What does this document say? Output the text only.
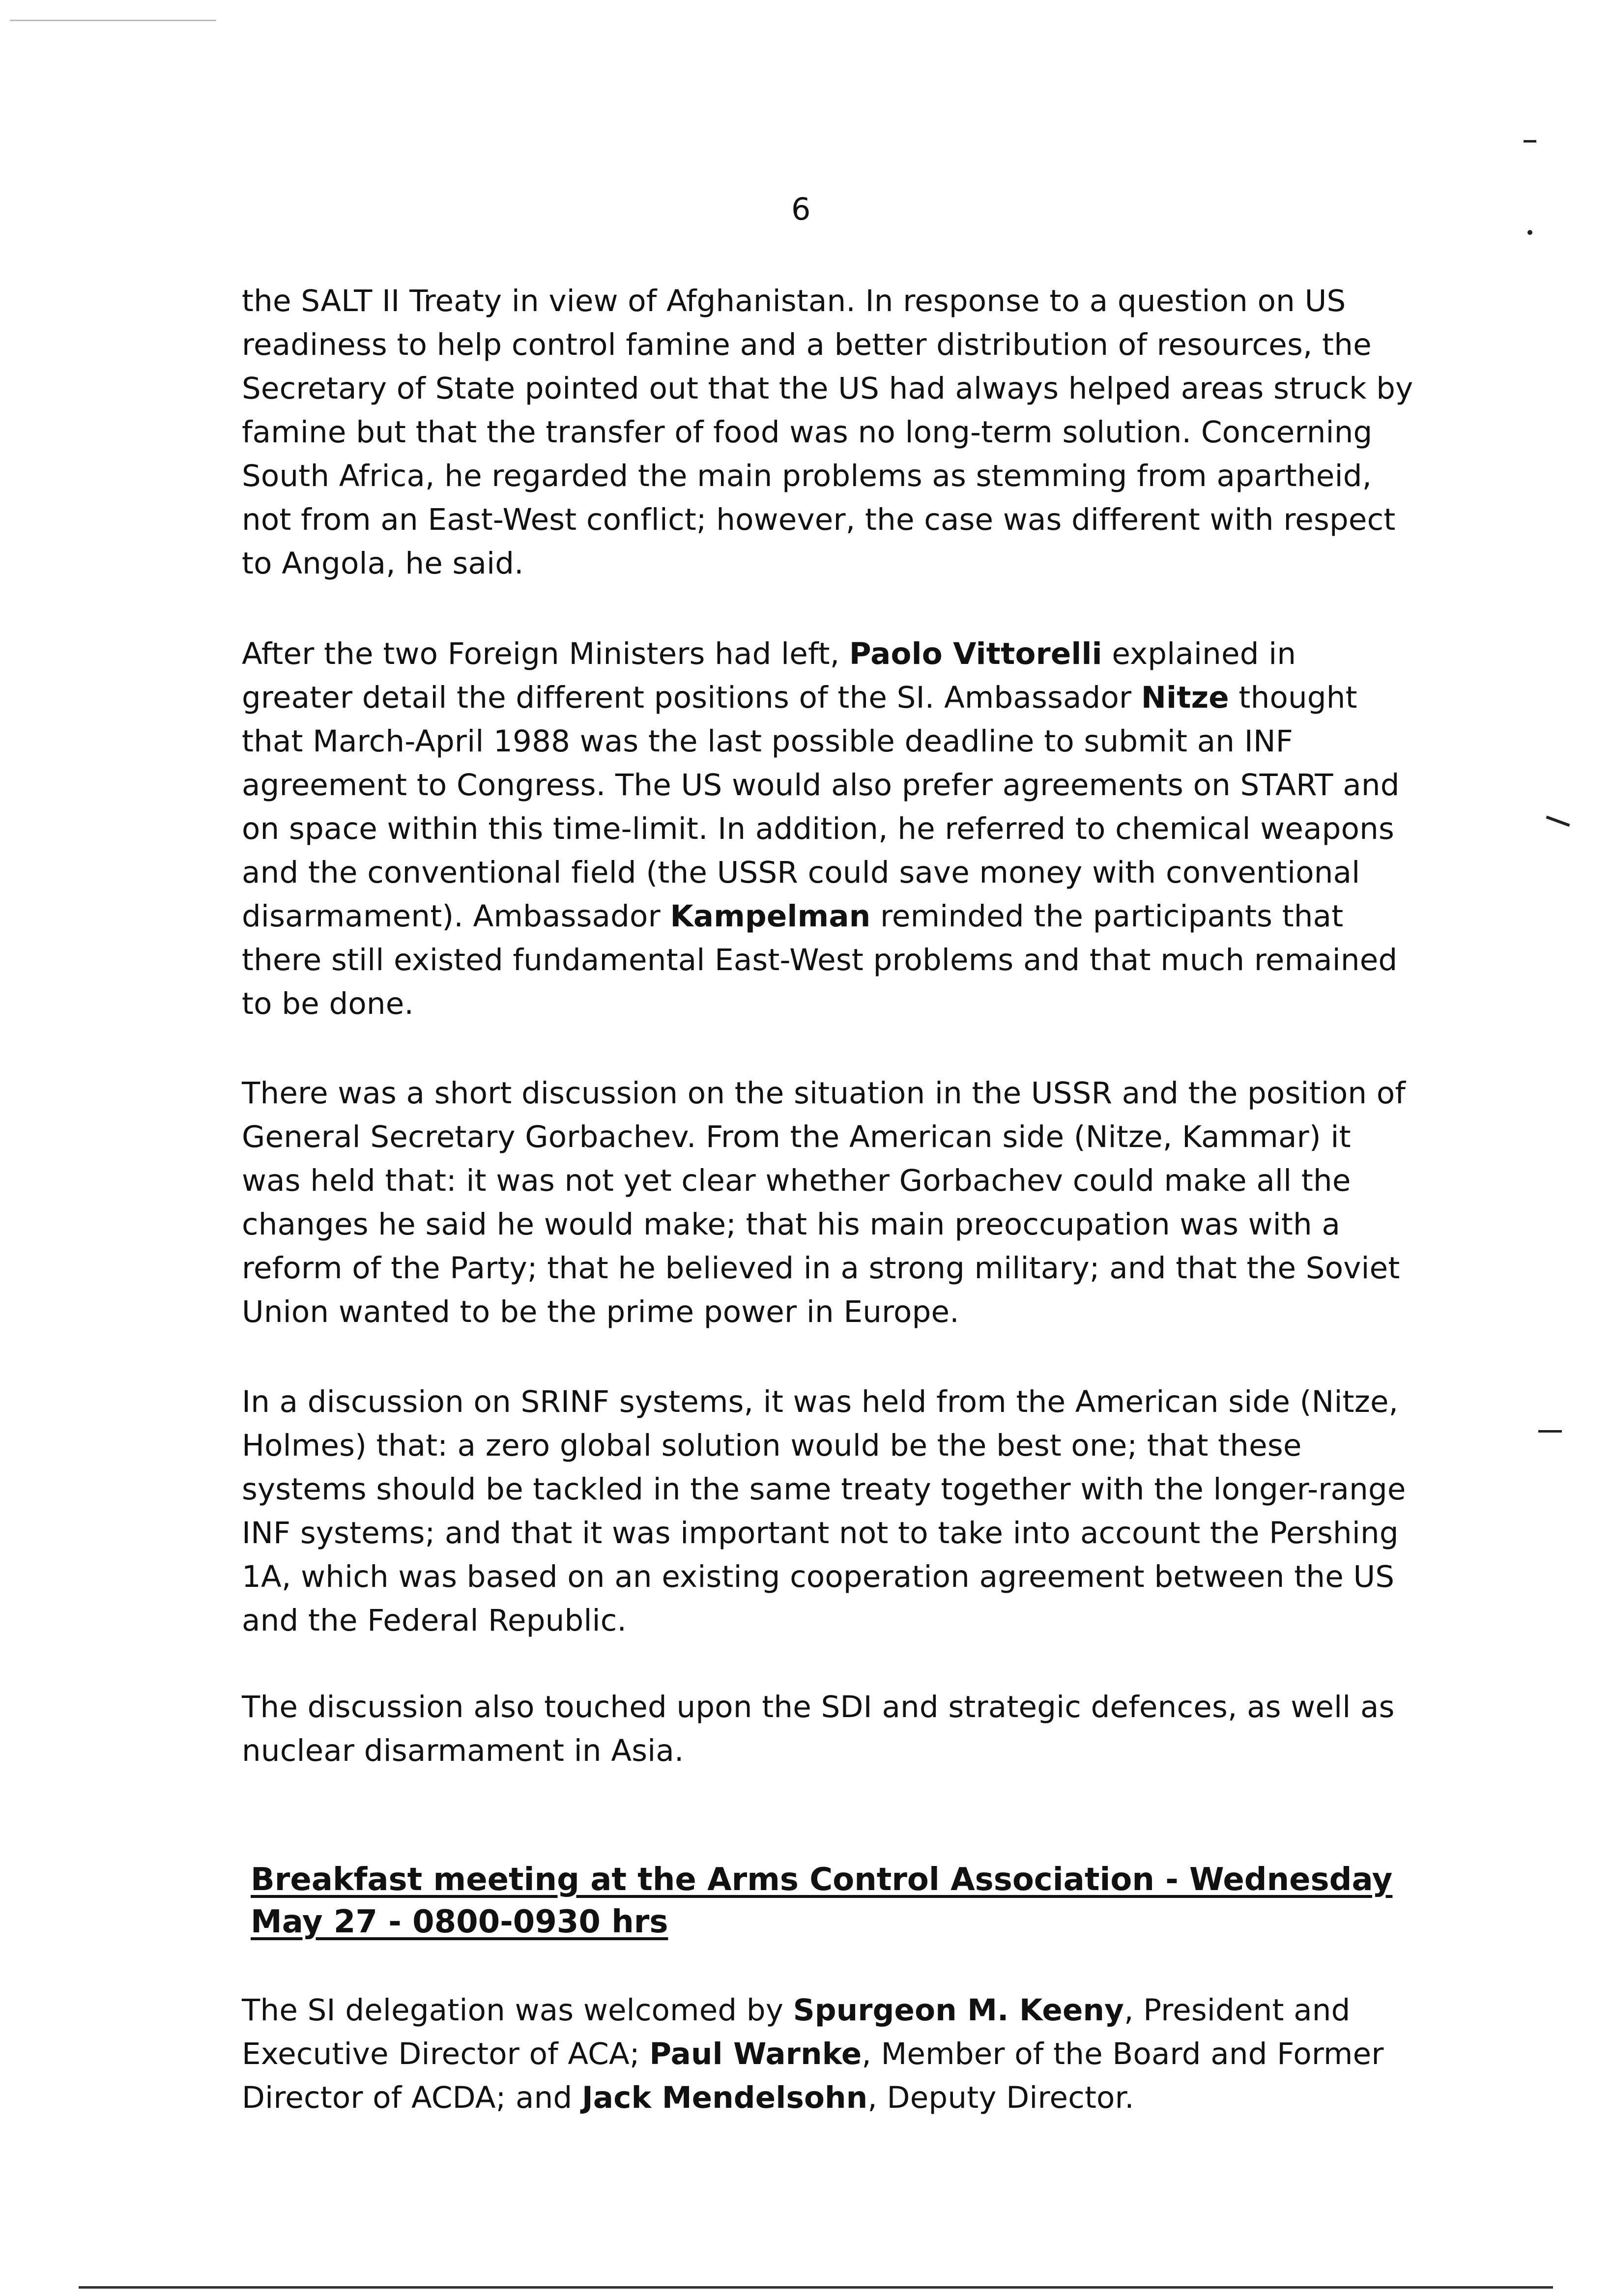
6
the SALT II Treaty in view of Afghanistan. In response to a question on US readiness to help control famine and a better distribution of resources, the Secretary of State pointed out that the US had always helped areas struck by famine but that the transfer of food was no long-term solution. Concerning South Africa, he regarded the main problems as stemming from apartheid, not from an East-West conflict; however, the case was different with respect to Angola, he said.
After the two Foreign Ministers had left, Paolo Vittorelli explained in greater detail the different positions of the SI. Ambassador Nitze thought that March-April 1988 was the last possible deadline to submit an INF agreement to Congress. The US would also prefer agreements on START and on space within this time-limit. In addition, he referred to chemical weapons and the conventional field (the USSR could save money with conventional disarmament). Ambassador Kampelman reminded the participants that there still existed fundamental East-West problems and that much remained to be done.
There was a short discussion on the situation in the USSR and the position of General Secretary Gorbachev. From the American side (Nitze, Kammar) it was held that: it was not yet clear whether Gorbachev could make all the changes he said he would make; that his main preoccupation was with a reform of the Party; that he believed in a strong military; and that the Soviet Union wanted to be the prime power in Europe.
In a discussion on SRINF systems, it was held from the American side (Nitze, Holmes) that: a zero global solution would be the best one; that these systems should be tackled in the same treaty together with the longer-range INF systems; and that it was important not to take into account the Pershing 1A, which was based on an existing cooperation agreement between the US and the Federal Republic.
The discussion also touched upon the SDI and strategic defences, as well as nuclear disarmament in Asia.
Breakfast meeting at the Arms Control Association - Wednesday May 27 - 0800-0930 hrs
The SI delegation was welcomed by Spurgeon M. Keeny, President and Executive Director of ACA; Paul Warnke, Member of the Board and Former Director of ACDA; and Jack Mendelsohn, Deputy Director.
